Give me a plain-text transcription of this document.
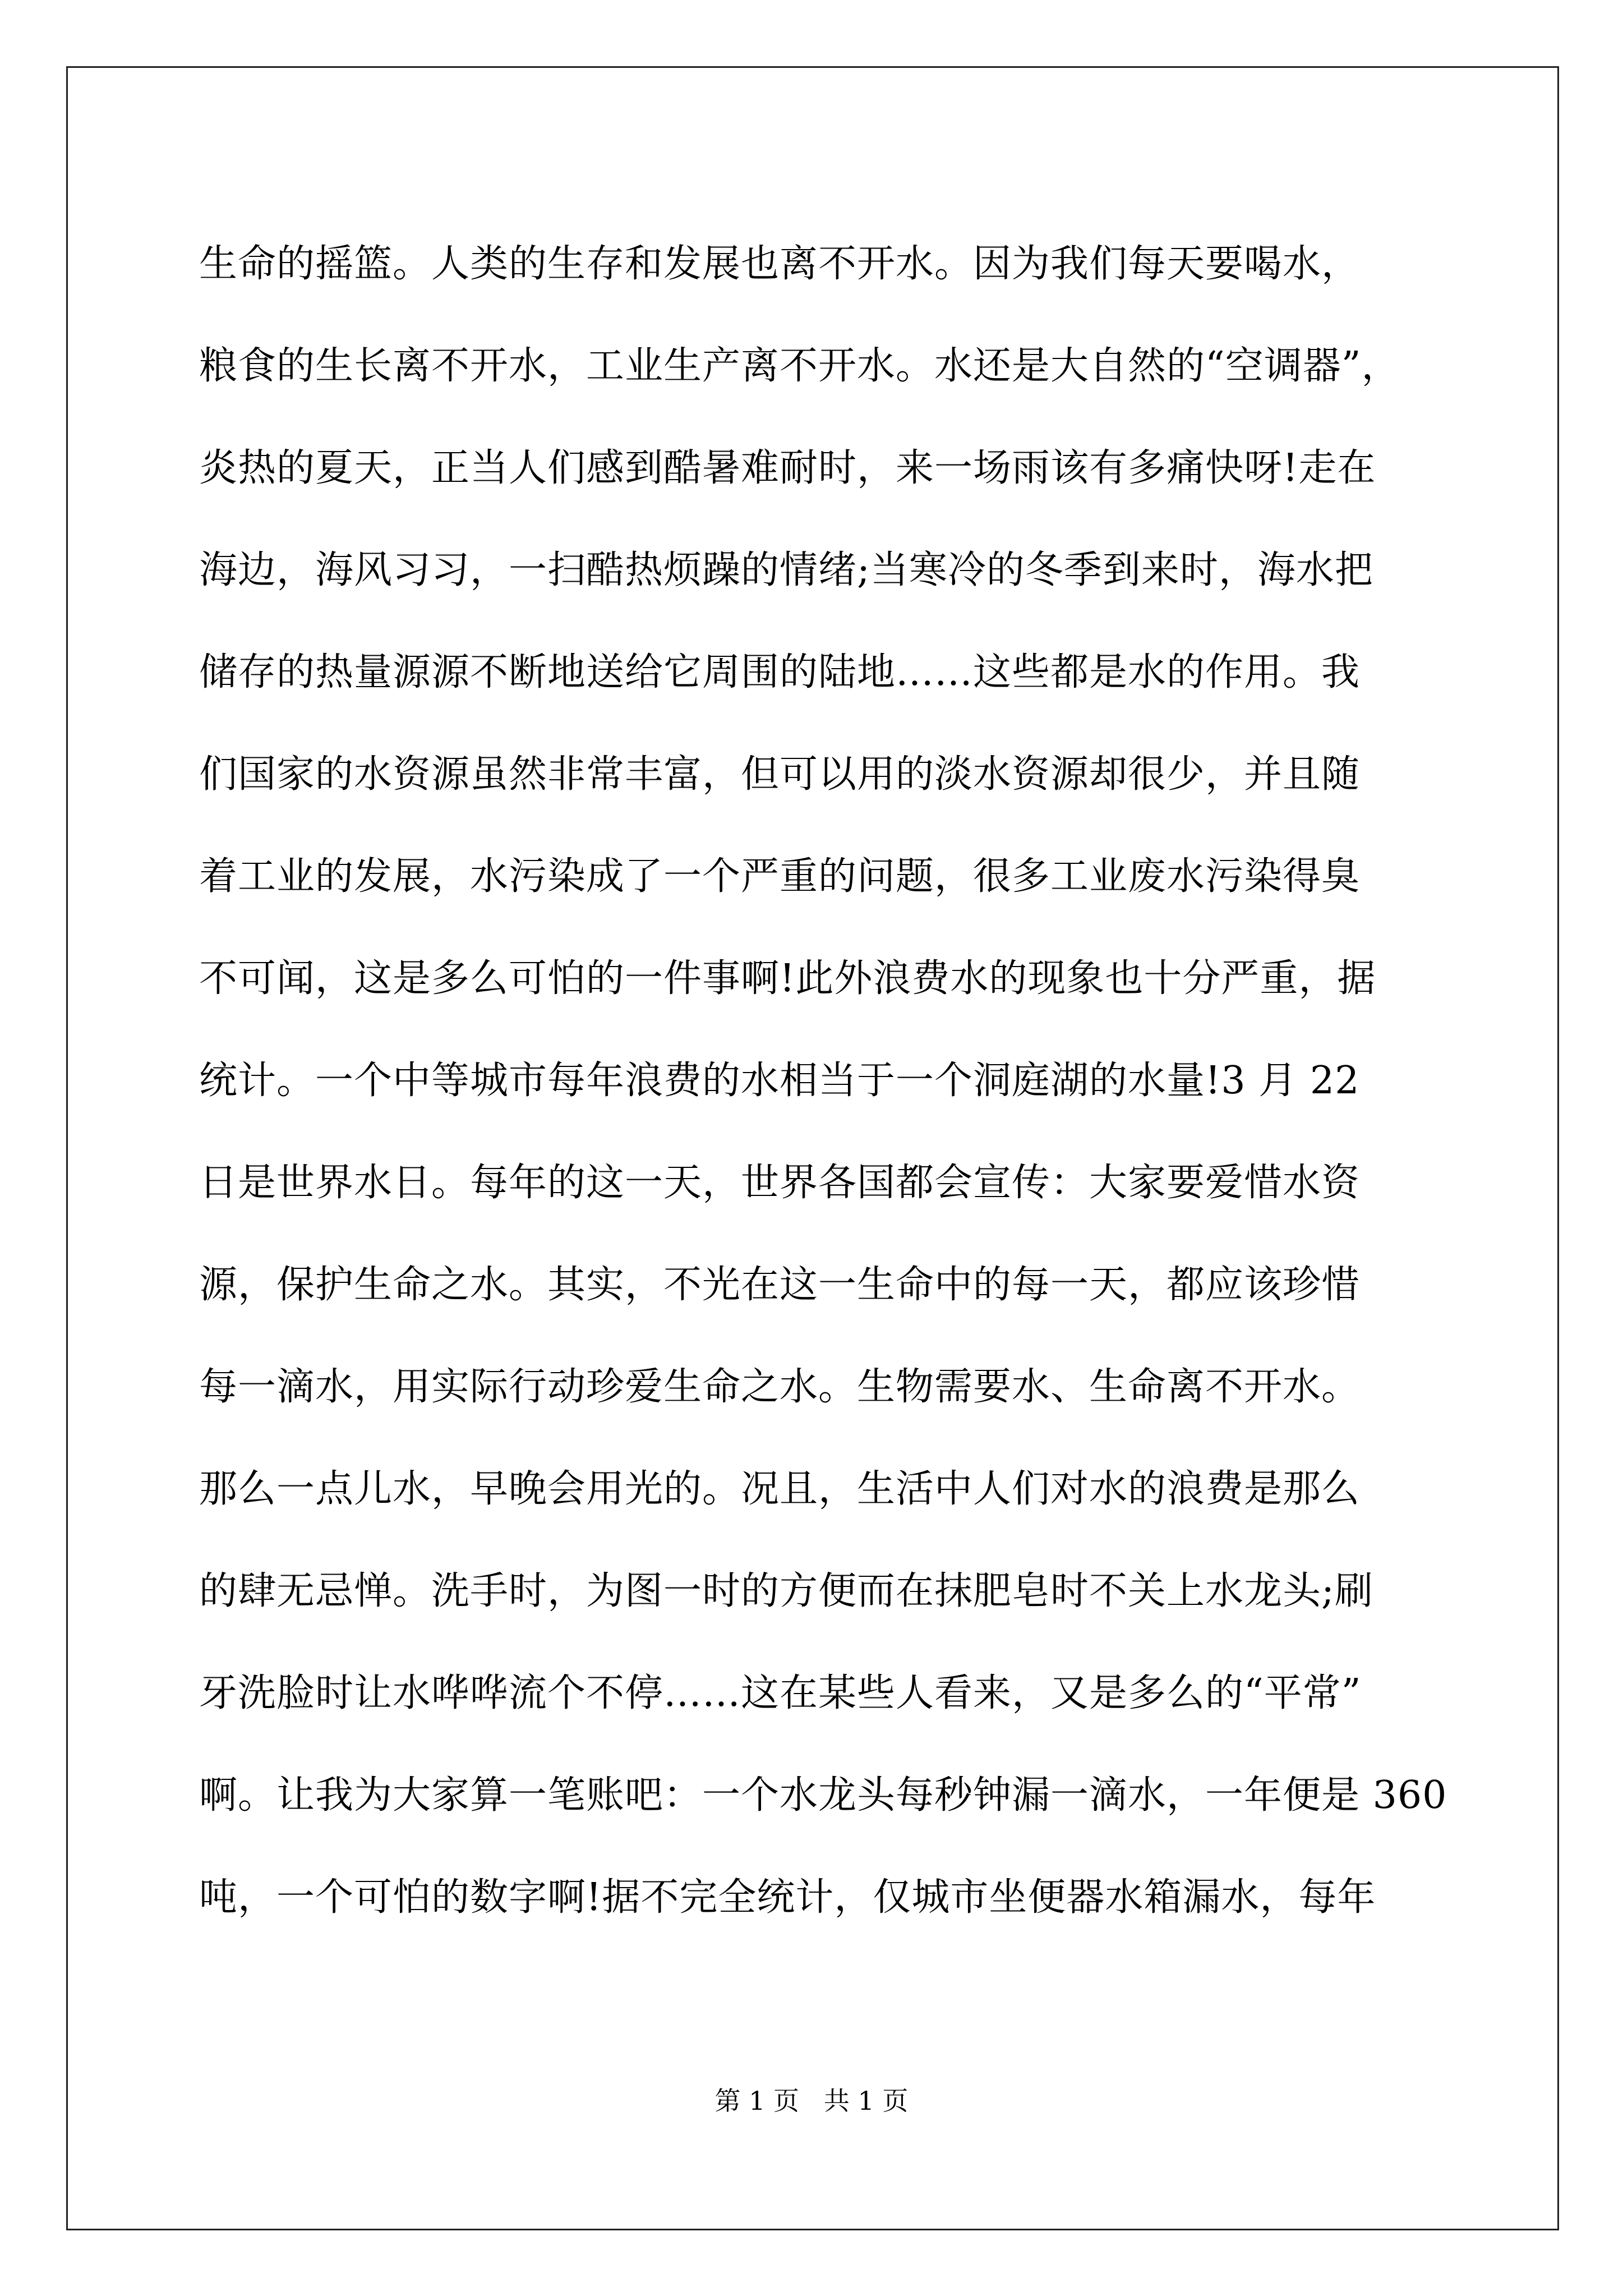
生命的摇篮。人类的生存和发展也离不开水。因为我们每天要喝水，
粮食的生长离不开水，工业生产离不开水。水还是大自然的“空调器”，
炎热的夏天，正当人们感到酷暑难耐时，来一场雨该有多痛快呀!走在
海边，海风习习，一扫酷热烦躁的情绪;当寒冷的冬季到来时，海水把
储存的热量源源不断地送给它周围的陆地……这些都是水的作用。我
们国家的水资源虽然非常丰富，但可以用的淡水资源却很少，并且随
着工业的发展，水污染成了一个严重的问题，很多工业废水污染得臭
不可闻，这是多么可怕的一件事啊!此外浪费水的现象也十分严重，据
统计。一个中等城市每年浪费的水相当于一个洞庭湖的水量!3 月 22
日是世界水日。每年的这一天，世界各国都会宣传：大家要爱惜水资
源，保护生命之水。其实，不光在这一生命中的每一天，都应该珍惜
每一滴水，用实际行动珍爱生命之水。生物需要水、生命离不开水。
那么一点儿水，早晚会用光的。况且，生活中人们对水的浪费是那么
的肆无忌惮。洗手时，为图一时的方便而在抹肥皂时不关上水龙头;刷
牙洗脸时让水哗哗流个不停……这在某些人看来，又是多么的“平常”
啊。让我为大家算一笔账吧：一个水龙头每秒钟漏一滴水，一年便是 360
吨，一个可怕的数字啊!据不完全统计，仅城市坐便器水箱漏水，每年
第 1 页   共 1 页
